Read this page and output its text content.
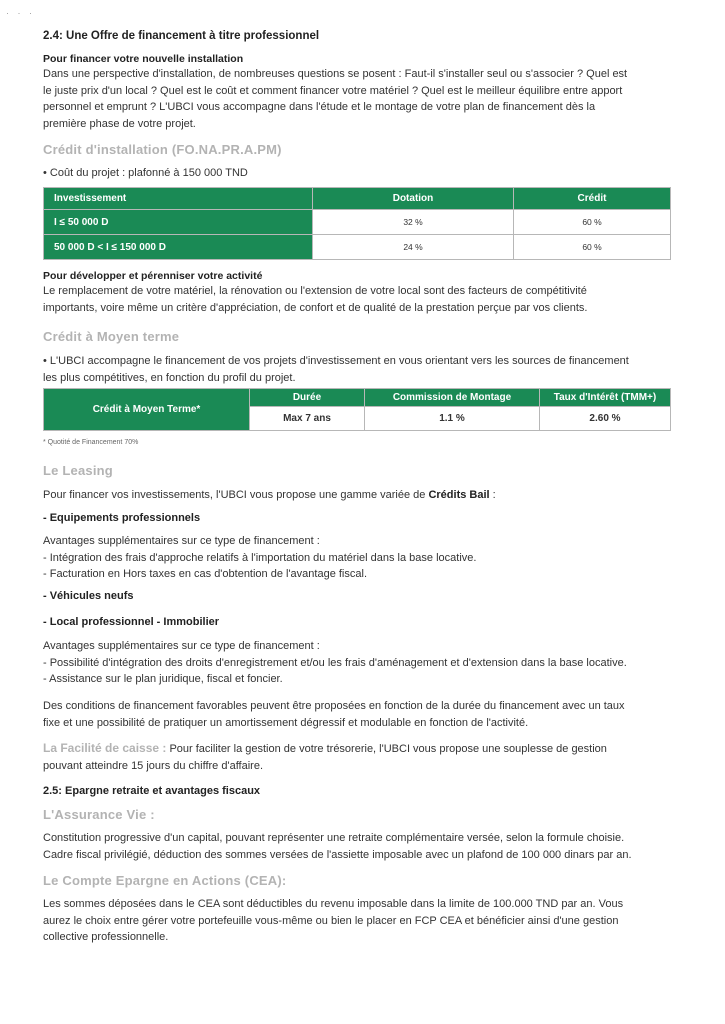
· · ·
2.4: Une Offre de financement à titre professionnel
Pour financer votre nouvelle installation
Dans une perspective d'installation, de nombreuses questions se posent : Faut-il s'installer seul ou s'associer ? Quel est
le juste prix d'un local ? Quel est le coût et comment financer votre matériel ? Quel est le meilleur équilibre entre apport
personnel et emprunt ? L'UBCI vous accompagne dans l'étude et le montage de votre plan de financement dès la
première phase de votre projet.
Crédit d'installation (FO.NA.PR.A.PM)
• Coût du projet : plafonné à 150 000 TND
Investissement	Dotation	Crédit
I ≤ 50 000 D	32 %	60 %
50 000 D < I ≤ 150 000 D	24 %	60 %
Pour développer et pérenniser votre activité
Le remplacement de votre matériel, la rénovation ou l'extension de votre local sont des facteurs de compétitivité
importants, voire même un critère d'appréciation, de confort et de qualité de la prestation perçue par vos clients.
Crédit à Moyen terme
• L'UBCI accompagne le financement de vos projets d'investissement en vous orientant vers les sources de financement
les plus compétitives, en fonction du profil du projet.
Crédit à Moyen Terme*	Durée	Commission de Montage	Taux d'Intérêt (TMM+)
	Max 7 ans	1.1 %	2.60 %
* Quotité de Financement 70%
Le Leasing
Pour financer vos investissements, l'UBCI vous propose une gamme variée de Crédits Bail :
- Equipements professionnels
Avantages supplémentaires sur ce type de financement :
- Intégration des frais d'approche relatifs à l'importation du matériel dans la base locative.
- Facturation en Hors taxes en cas d'obtention de l'avantage fiscal.
- Véhicules neufs
- Local professionnel - Immobilier
Avantages supplémentaires sur ce type de financement :
- Possibilité d'intégration des droits d'enregistrement et/ou les frais d'aménagement et d'extension dans la base locative.
- Assistance sur le plan juridique, fiscal et foncier.
Des conditions de financement favorables peuvent être proposées en fonction de la durée du financement avec un taux
fixe et une possibilité de pratiquer un amortissement dégressif et modulable en fonction de l'activité.
La Facilité de caisse : Pour faciliter la gestion de votre trésorerie, l'UBCI vous propose une souplesse de gestion
pouvant atteindre 15 jours du chiffre d'affaire.
2.5: Epargne retraite et avantages fiscaux
L'Assurance Vie :
Constitution progressive d'un capital, pouvant représenter une retraite complémentaire versée, selon la formule choisie.
Cadre fiscal privilégié, déduction des sommes versées de l'assiette imposable avec un plafond de 100 000 dinars par an.
Le Compte Epargne en Actions (CEA):
Les sommes déposées dans le CEA sont déductibles du revenu imposable dans la limite de 100.000 TND par an. Vous
aurez le choix entre gérer votre portefeuille vous-même ou bien le placer en FCP CEA et bénéficier ainsi d'une gestion
collective professionnelle.
